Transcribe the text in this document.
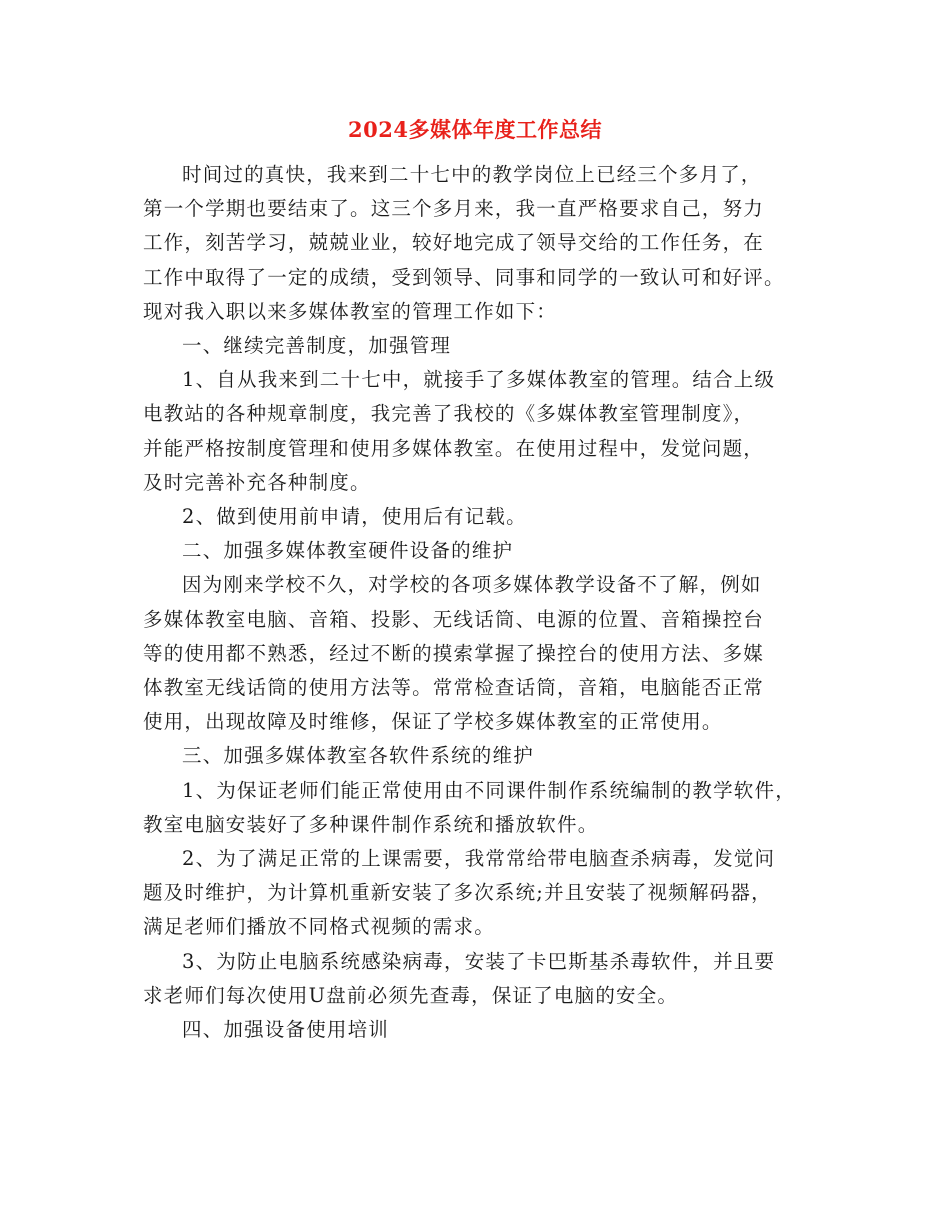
2024多媒体年度工作总结
时间过的真快，我来到二十七中的教学岗位上已经三个多月了，
第一个学期也要结束了。这三个多月来，我一直严格要求自己，努力
工作，刻苦学习，兢兢业业，较好地完成了领导交给的工作任务，在
工作中取得了一定的成绩，受到领导、同事和同学的一致认可和好评。
现对我入职以来多媒体教室的管理工作如下：
一、继续完善制度，加强管理
1、自从我来到二十七中，就接手了多媒体教室的管理。结合上级
电教站的各种规章制度，我完善了我校的《多媒体教室管理制度》，
并能严格按制度管理和使用多媒体教室。在使用过程中，发觉问题，
及时完善补充各种制度。
2、做到使用前申请，使用后有记载。
二、加强多媒体教室硬件设备的维护
因为刚来学校不久，对学校的各项多媒体教学设备不了解，例如
多媒体教室电脑、音箱、投影、无线话筒、电源的位置、音箱操控台
等的使用都不熟悉，经过不断的摸索掌握了操控台的使用方法、多媒
体教室无线话筒的使用方法等。常常检查话筒，音箱，电脑能否正常
使用，出现故障及时维修，保证了学校多媒体教室的正常使用。
三、加强多媒体教室各软件系统的维护
1、为保证老师们能正常使用由不同课件制作系统编制的教学软件，
教室电脑安装好了多种课件制作系统和播放软件。
2、为了满足正常的上课需要，我常常给带电脑查杀病毒，发觉问
题及时维护，为计算机重新安装了多次系统;并且安装了视频解码器，
满足老师们播放不同格式视频的需求。
3、为防止电脑系统感染病毒，安装了卡巴斯基杀毒软件，并且要
求老师们每次使用U盘前必须先查毒，保证了电脑的安全。
四、加强设备使用培训
